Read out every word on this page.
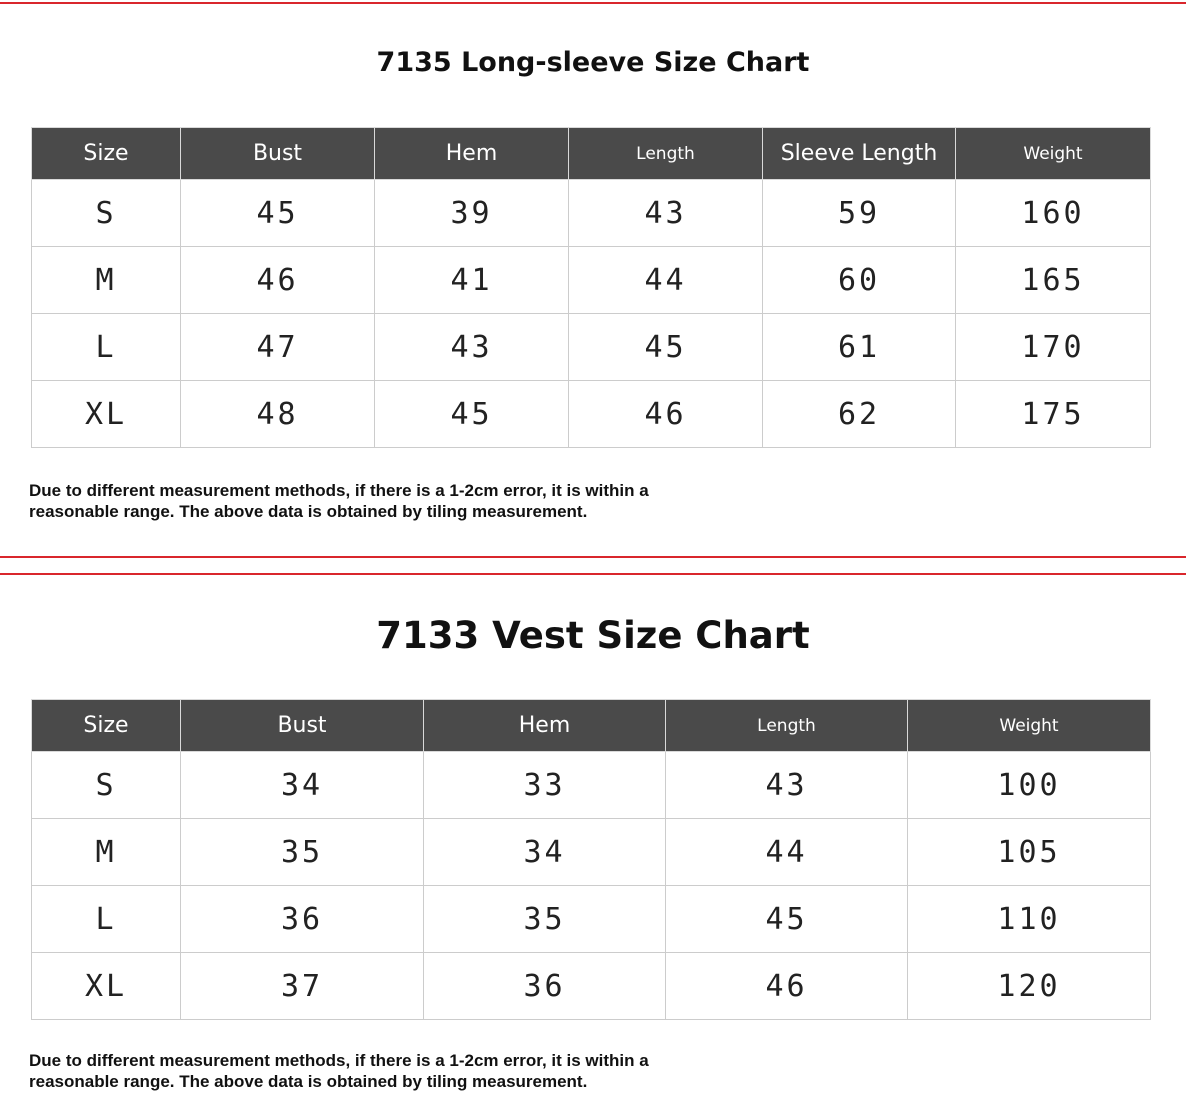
7135 Long-sleeve Size Chart
Size	Bust	Hem	Length	Sleeve Length	Weight
S	45	39	43	59	160
M	46	41	44	60	165
L	47	43	45	61	170
XL	48	45	46	62	175

Due to different measurement methods, if there is a 1-2cm error, it is within a reasonable range. The above data is obtained by tiling measurement.

7133 Vest Size Chart
Size	Bust	Hem	Length	Weight
S	34	33	43	100
M	35	34	44	105
L	36	35	45	110
XL	37	36	46	120

Due to different measurement methods, if there is a 1-2cm error, it is within a reasonable range. The above data is obtained by tiling measurement.
